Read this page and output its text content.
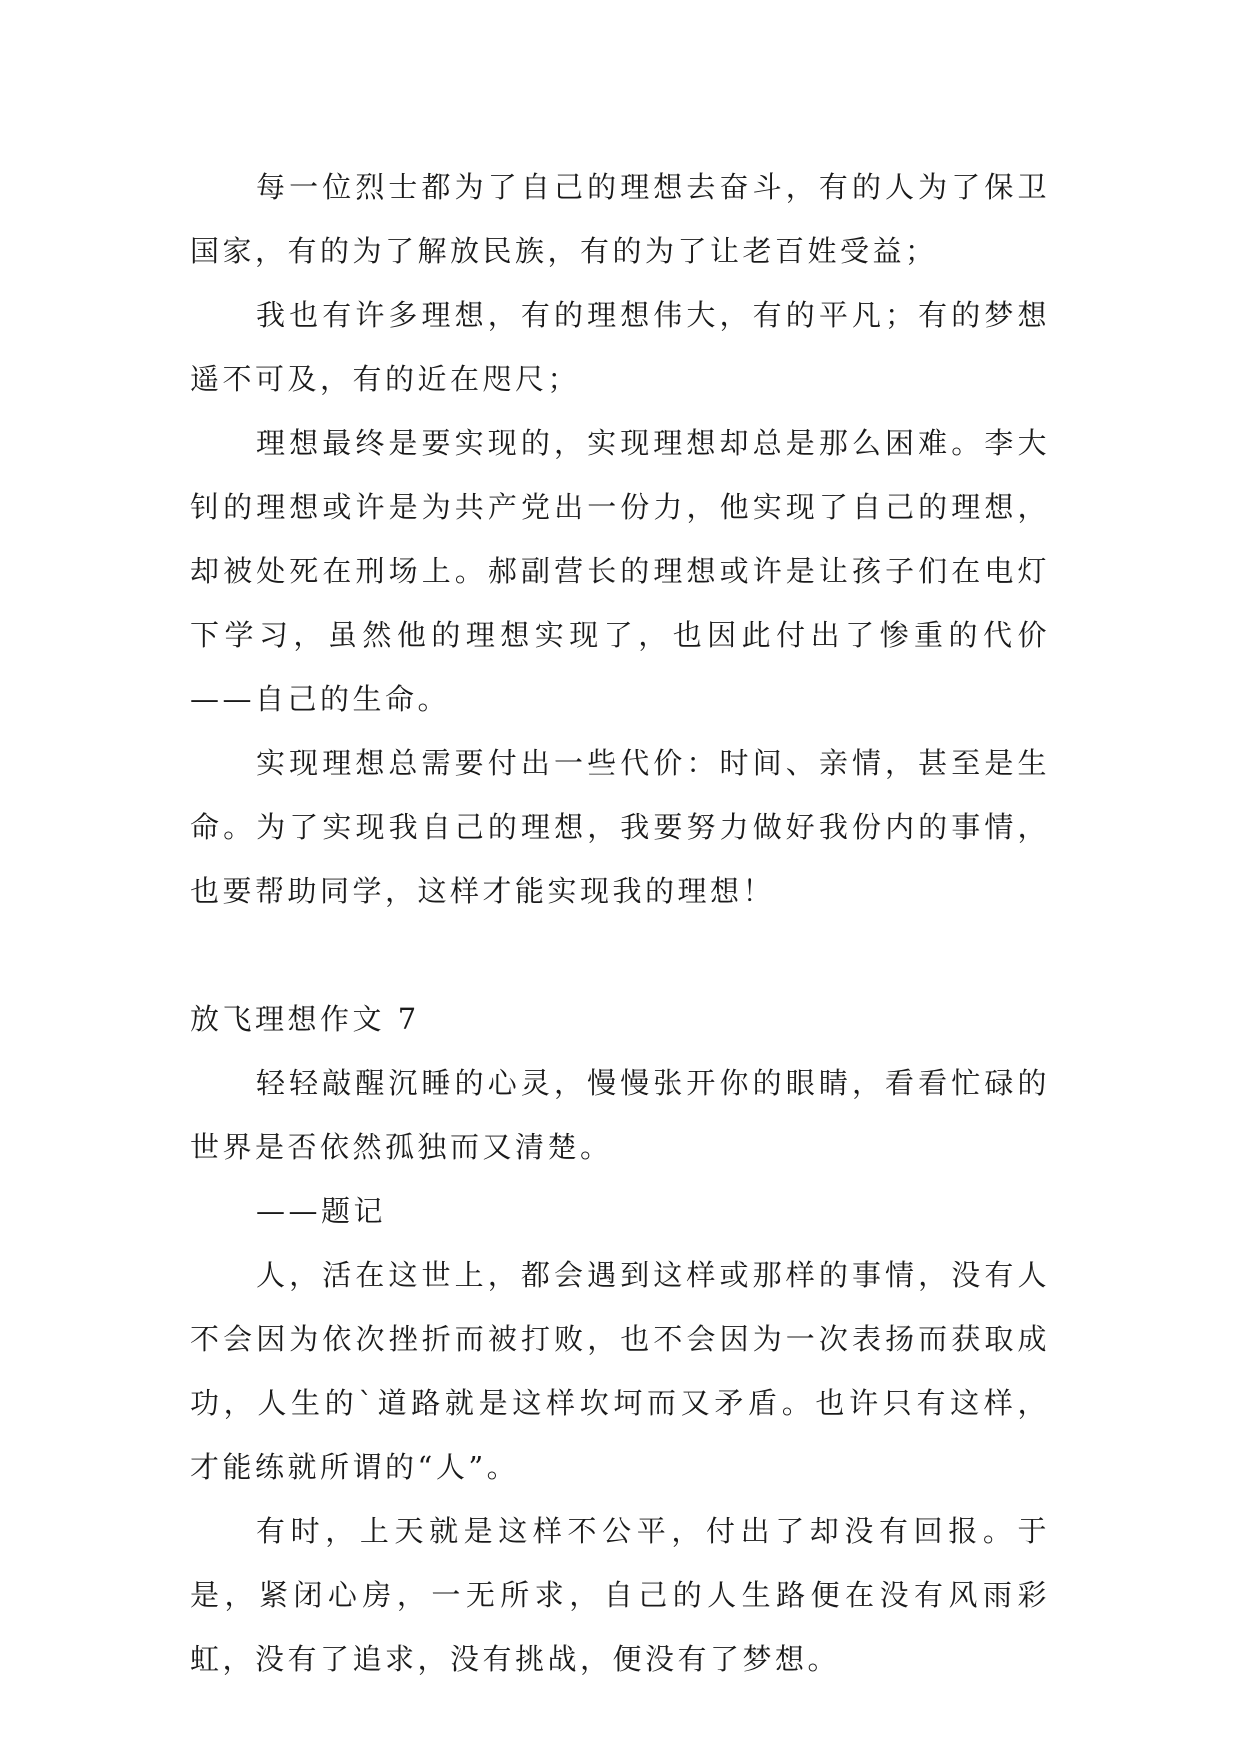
每一位烈士都为了自己的理想去奋斗，有的人为了保卫国家，有的为了解放民族，有的为了让老百姓受益；

我也有许多理想，有的理想伟大，有的平凡；有的梦想遥不可及，有的近在咫尺；

理想最终是要实现的，实现理想却总是那么困难。李大钊的理想或许是为共产党出一份力，他实现了自己的理想，却被处死在刑场上。郝副营长的理想或许是让孩子们在电灯下学习，虽然他的理想实现了，也因此付出了惨重的代价——自己的生命。

实现理想总需要付出一些代价：时间、亲情，甚至是生命。为了实现我自己的理想，我要努力做好我份内的事情，也要帮助同学，这样才能实现我的理想！

放飞理想作文 7

轻轻敲醒沉睡的心灵，慢慢张开你的眼睛，看看忙碌的世界是否依然孤独而又清楚。

——题记

人，活在这世上，都会遇到这样或那样的事情，没有人不会因为依次挫折而被打败，也不会因为一次表扬而获取成功，人生的`道路就是这样坎坷而又矛盾。也许只有这样，才能练就所谓的“人”。

有时，上天就是这样不公平，付出了却没有回报。于是，紧闭心房，一无所求，自己的人生路便在没有风雨彩虹，没有了追求，没有挑战，便没有了梦想。
